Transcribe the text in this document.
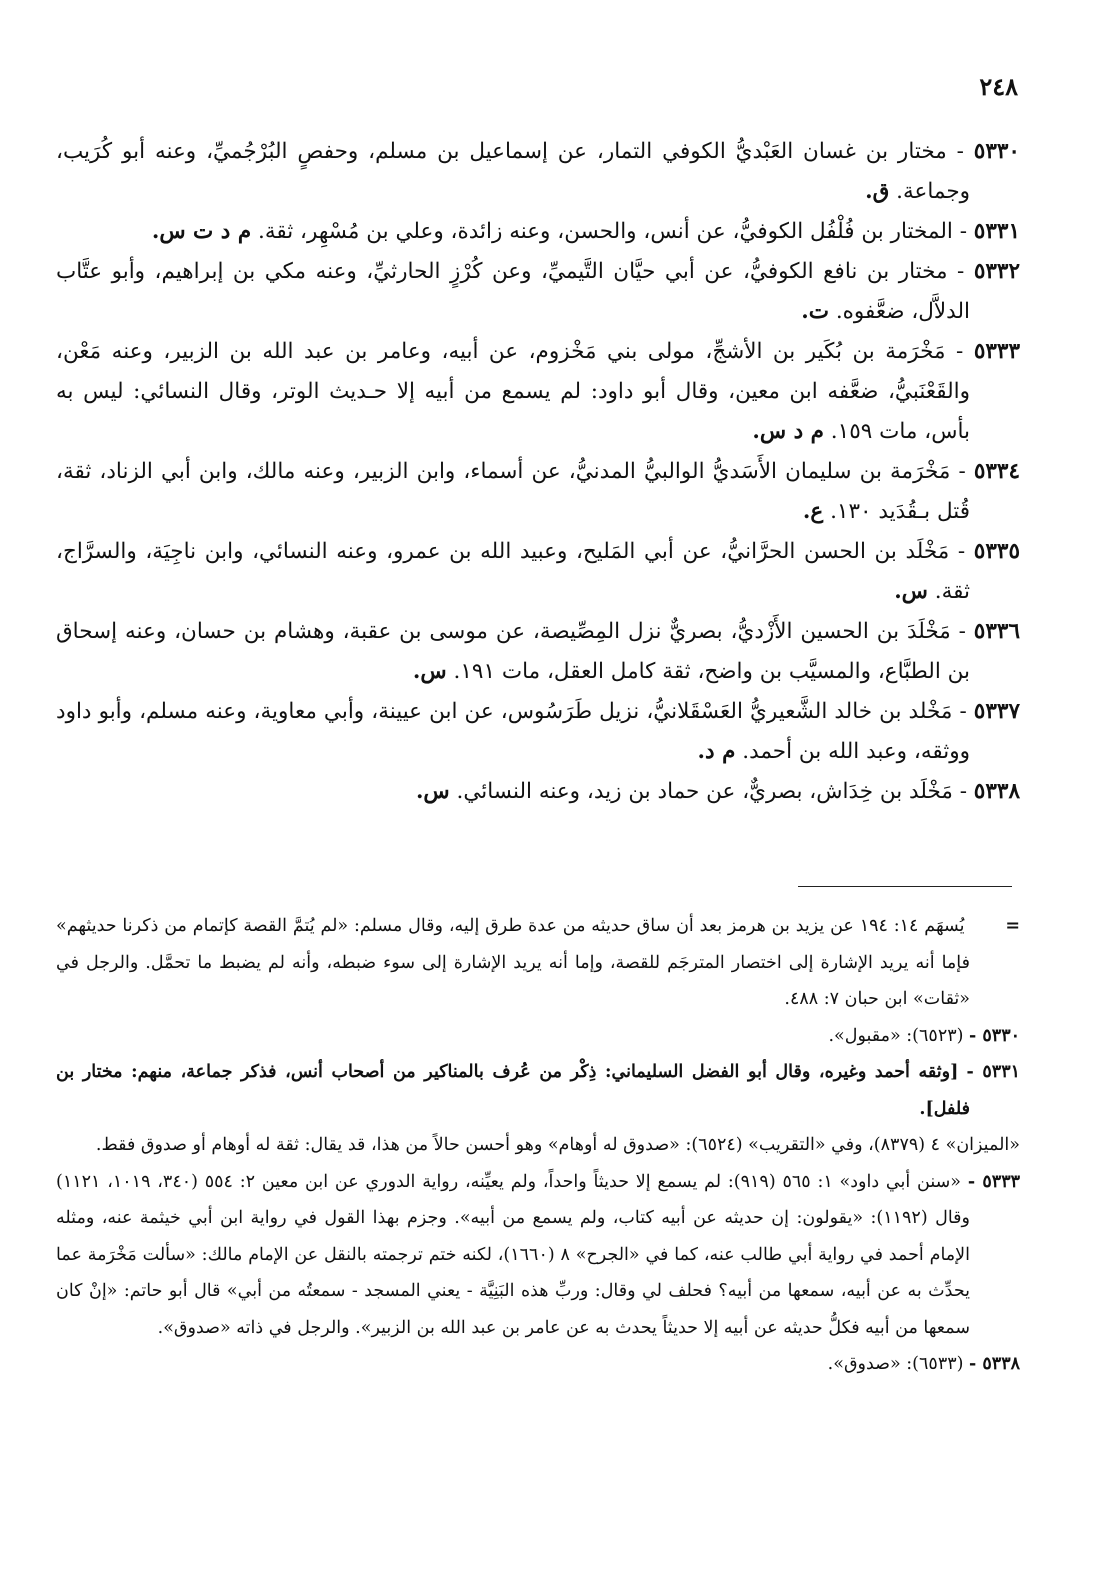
٢٤٨

٥٣٣٠ - مختار بن غسان العَبْديُّ الكوفي التمار، عن إسماعيل بن مسلم، وحفصٍ البُرْجُميِّ، وعنه أبو كُرَيب، وجماعة. ق.

٥٣٣١ - المختار بن فُلْفُل الكوفيُّ، عن أنس، والحسن، وعنه زائدة، وعلي بن مُسْهِر، ثقة. م د ت س.

٥٣٣٢ - مختار بن نافع الكوفيُّ، عن أبي حيَّان التَّيميِّ، وعن كُرْزٍ الحارثيِّ، وعنه مكي بن إبراهيم، وأبو عتَّاب الدلاَّل، ضعَّفوه. ت.

٥٣٣٣ - مَخْرَمة بن بُكَير بن الأشجِّ، مولى بني مَخْزوم، عن أبيه، وعامر بن عبد الله بن الزبير، وعنه مَعْن، والقَعْنَبيُّ، ضعَّفه ابن معين، وقال أبو داود: لم يسمع من أبيه إلا حـديث الوتر، وقال النسائي: ليس به بأس، مات ١٥٩. م د س.

٥٣٣٤ - مَخْرَمة بن سليمان الأَسَديُّ الوالبيُّ المدنيُّ، عن أسماء، وابن الزبير، وعنه مالك، وابن أبي الزناد، ثقة، قُتل بـقُدَيد ١٣٠. ع.

٥٣٣٥ - مَخْلَد بن الحسن الحرَّانيُّ، عن أبي المَليح، وعبيد الله بن عمرو، وعنه النسائي، وابن ناجِيَة، والسرَّاج، ثقة. س.

٥٣٣٦ - مَخْلَدَ بن الحسين الأَزْديُّ، بصريٌّ نزل المِصِّيصة، عن موسى بن عقبة، وهشام بن حسان، وعنه إسحاق بن الطبَّاع، والمسيَّب بن واضح، ثقة كامل العقل، مات ١٩١. س.

٥٣٣٧ - مَخْلد بن خالد الشَّعيريُّ العَسْقَلانيُّ، نزيل طَرَسُوس، عن ابن عيينة، وأبي معاوية، وعنه مسلم، وأبو داود ووثقه، وعبد الله بن أحمد. م د.

٥٣٣٨ - مَخْلَد بن خِدَاش، بصريٌّ، عن حماد بن زيد، وعنه النسائي. س.

=       يُسهَم ١٤: ١٩٤ عن يزيد بن هرمز بعد أن ساق حديثه من عدة طرق إليه، وقال مسلم: «لم يُتمَّ القصة كإتمام من ذكرنا حديثهم» فإما أنه يريد الإشارة إلى اختصار المترجَم للقصة، وإما أنه يريد الإشارة إلى سوء ضبطه، وأنه لم يضبط ما تحمَّل. والرجل في «ثقات» ابن حبان ٧: ٤٨٨.

٥٣٣٠ - (٦٥٢٣): «مقبول».

٥٣٣١ - [وثقه أحمد وغيره، وقال أبو الفضل السليماني: ذِكْر من عُرف بالمناكير من أصحاب أنس، فذكر جماعة، منهم: مختار بن فلفل].

«الميزان» ٤ (٨٣٧٩)، وفي «التقريب» (٦٥٢٤): «صدوق له أوهام» وهو أحسن حالاً من هذا، قد يقال: ثقة له أوهام أو صدوق فقط.

٥٣٣٣ - «سنن أبي داود» ١: ٥٦٥ (٩١٩): لم يسمع إلا حديثاً واحداً، ولم يعيِّنه، رواية الدوري عن ابن معين ٢: ٥٥٤ (٣٤٠، ١٠١٩، ١١٢١) وقال (١١٩٢): «يقولون: إن حديثه عن أبيه كتاب، ولم يسمع من أبيه». وجزم بهذا القول في رواية ابن أبي خيثمة عنه، ومثله الإمام أحمد في رواية أبي طالب عنه، كما في «الجرح» ٨ (١٦٦٠)، لكنه ختم ترجمته بالنقل عن الإمام مالك: «سألت مَخْرَمة عما يحدِّث به عن أبيه، سمعها من أبيه؟ فحلف لي وقال: وربِّ هذه البَنِيَّة - يعني المسجد - سمعتُه من أبي» قال أبو حاتم: «إنْ كان سمعها من أبيه فكلُّ حديثه عن أبيه إلا حديثاً يحدث به عن عامر بن عبد الله بن الزبير». والرجل في ذاته «صدوق».

٥٣٣٨ - (٦٥٣٣): «صدوق».
